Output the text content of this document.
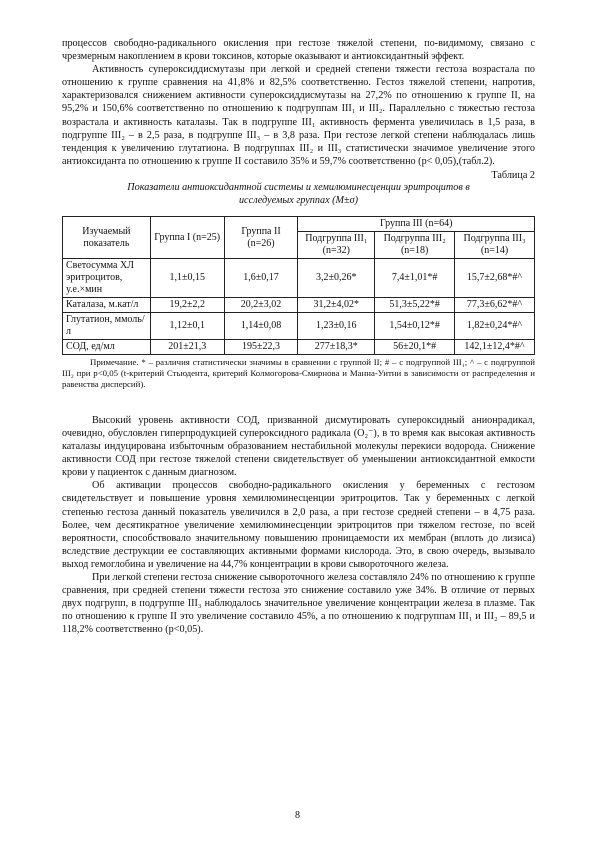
процессов свободно-радикального окисления при гестозе тяжелой степени, по-видимому, связано с чрезмерным накоплением в крови токсинов, которые оказывают и антиоксидантный эффект.

Активность супероксиддисмутазы при легкой и средней степени тяжести гестоза возрастала по отношению к группе сравнения на 41,8% и 82,5% соответственно. Гестоз тяжелой степени, напротив, характеризовался снижением активности супероксиддисмутазы на 27,2% по отношению к группе II, на 95,2% и 150,6% соответственно по отношению к подгруппам III₁ и III₂. Параллельно с тяжестью гестоза возрастала и активность каталазы. Так в подгруппе III₁ активность фермента увеличилась в 1,5 раза, в подгруппе III₂ – в 2,5 раза, в подгруппе III₃ – в 3,8 раза. При гестозе легкой степени наблюдалась лишь тенденция к увеличению глутатиона. В подгруппах III₂ и III₃ статистически значимое увеличение этого антиоксиданта по отношению к группе II составило 35% и 59,7% соответственно (p< 0,05),(табл.2).

Таблица 2
Показатели антиоксидантной системы и хемилюминесценции эритроцитов в
исследуемых группах (M±σ)
Изучаемый показатель	Группа I (n=25)	Группа II (n=26)	Группа III (n=64)		
			Подгруппа III₁ (n=32)	Подгруппа III₂ (n=18)	Подгруппа III₃ (n=14)
Светосумма ХЛ эритроцитов, у.е.×мин	1,1±0,15	1,6±0,17	3,2±0,26*	7,4±1,01*#	15,7±2,68*#^
Каталаза, м.кат/л	19,2±2,2	20,2±3,02	31,2±4,02*	51,3±5,22*#	77,3±6,62*#^
Глутатион, ммоль/л	1,12±0,1	1,14±0,08	1,23±0,16	1,54±0,12*#	1,82±0,24*#^
СОД, ед/мл	201±21,3	195±22,3	277±18,3*	56±20,1*#	142,1±12,4*#^
Примечание. * – различия статистически значимы в сравнении с группой II; # – с подгруппой III₁; ^ – с подгруппой III₂ при p<0,05 (t-критерий Стьюдента, критерий Колмогорова-Смирнова и Манна-Уитни в зависимости от распределения и равенства дисперсий).

Высокий уровень активности СОД, призванной дисмутировать супероксидный анионрадикал, очевидно, обусловлен гиперпродукцией супероксидного радикала (O₂⁻), в то время как высокая активность каталазы индуцирована избыточным образованием нестабильной молекулы перекиси водорода. Снижение активности СОД при гестозе тяжелой степени свидетельствует об уменьшении антиоксидантной емкости крови у пациенток с данным диагнозом.

Об активации процессов свободно-радикального окисления у беременных с гестозом свидетельствует и повышение уровня хемилюминесценции эритроцитов. Так у беременных с легкой степенью гестоза данный показатель увеличился в 2,0 раза, а при гестозе средней степени – в 4,75 раза. Более, чем десятикратное увеличение хемилюминесценции эритроцитов при тяжелом гестозе, по всей вероятности, способствовало значительному повышению проницаемости их мембран (вплоть до лизиса) вследствие деструкции ее составляющих активными формами кислорода. Это, в свою очередь, вызывало выход гемоглобина и увеличение на 44,7% концентрации в крови сывороточного железа.

При легкой степени гестоза снижение сывороточного железа составляло 24% по отношению к группе сравнения, при средней степени тяжести гестоза это снижение составило уже 34%. В отличие от первых двух подгрупп, в подгруппе III₃ наблюдалось значительное увеличение концентрации железа в плазме. Так по отношению к группе II это увеличение составило 45%, а по отношению к подгруппам III₁ и III₂ – 89,5 и 118,2% соответственно (p<0,05).

8
